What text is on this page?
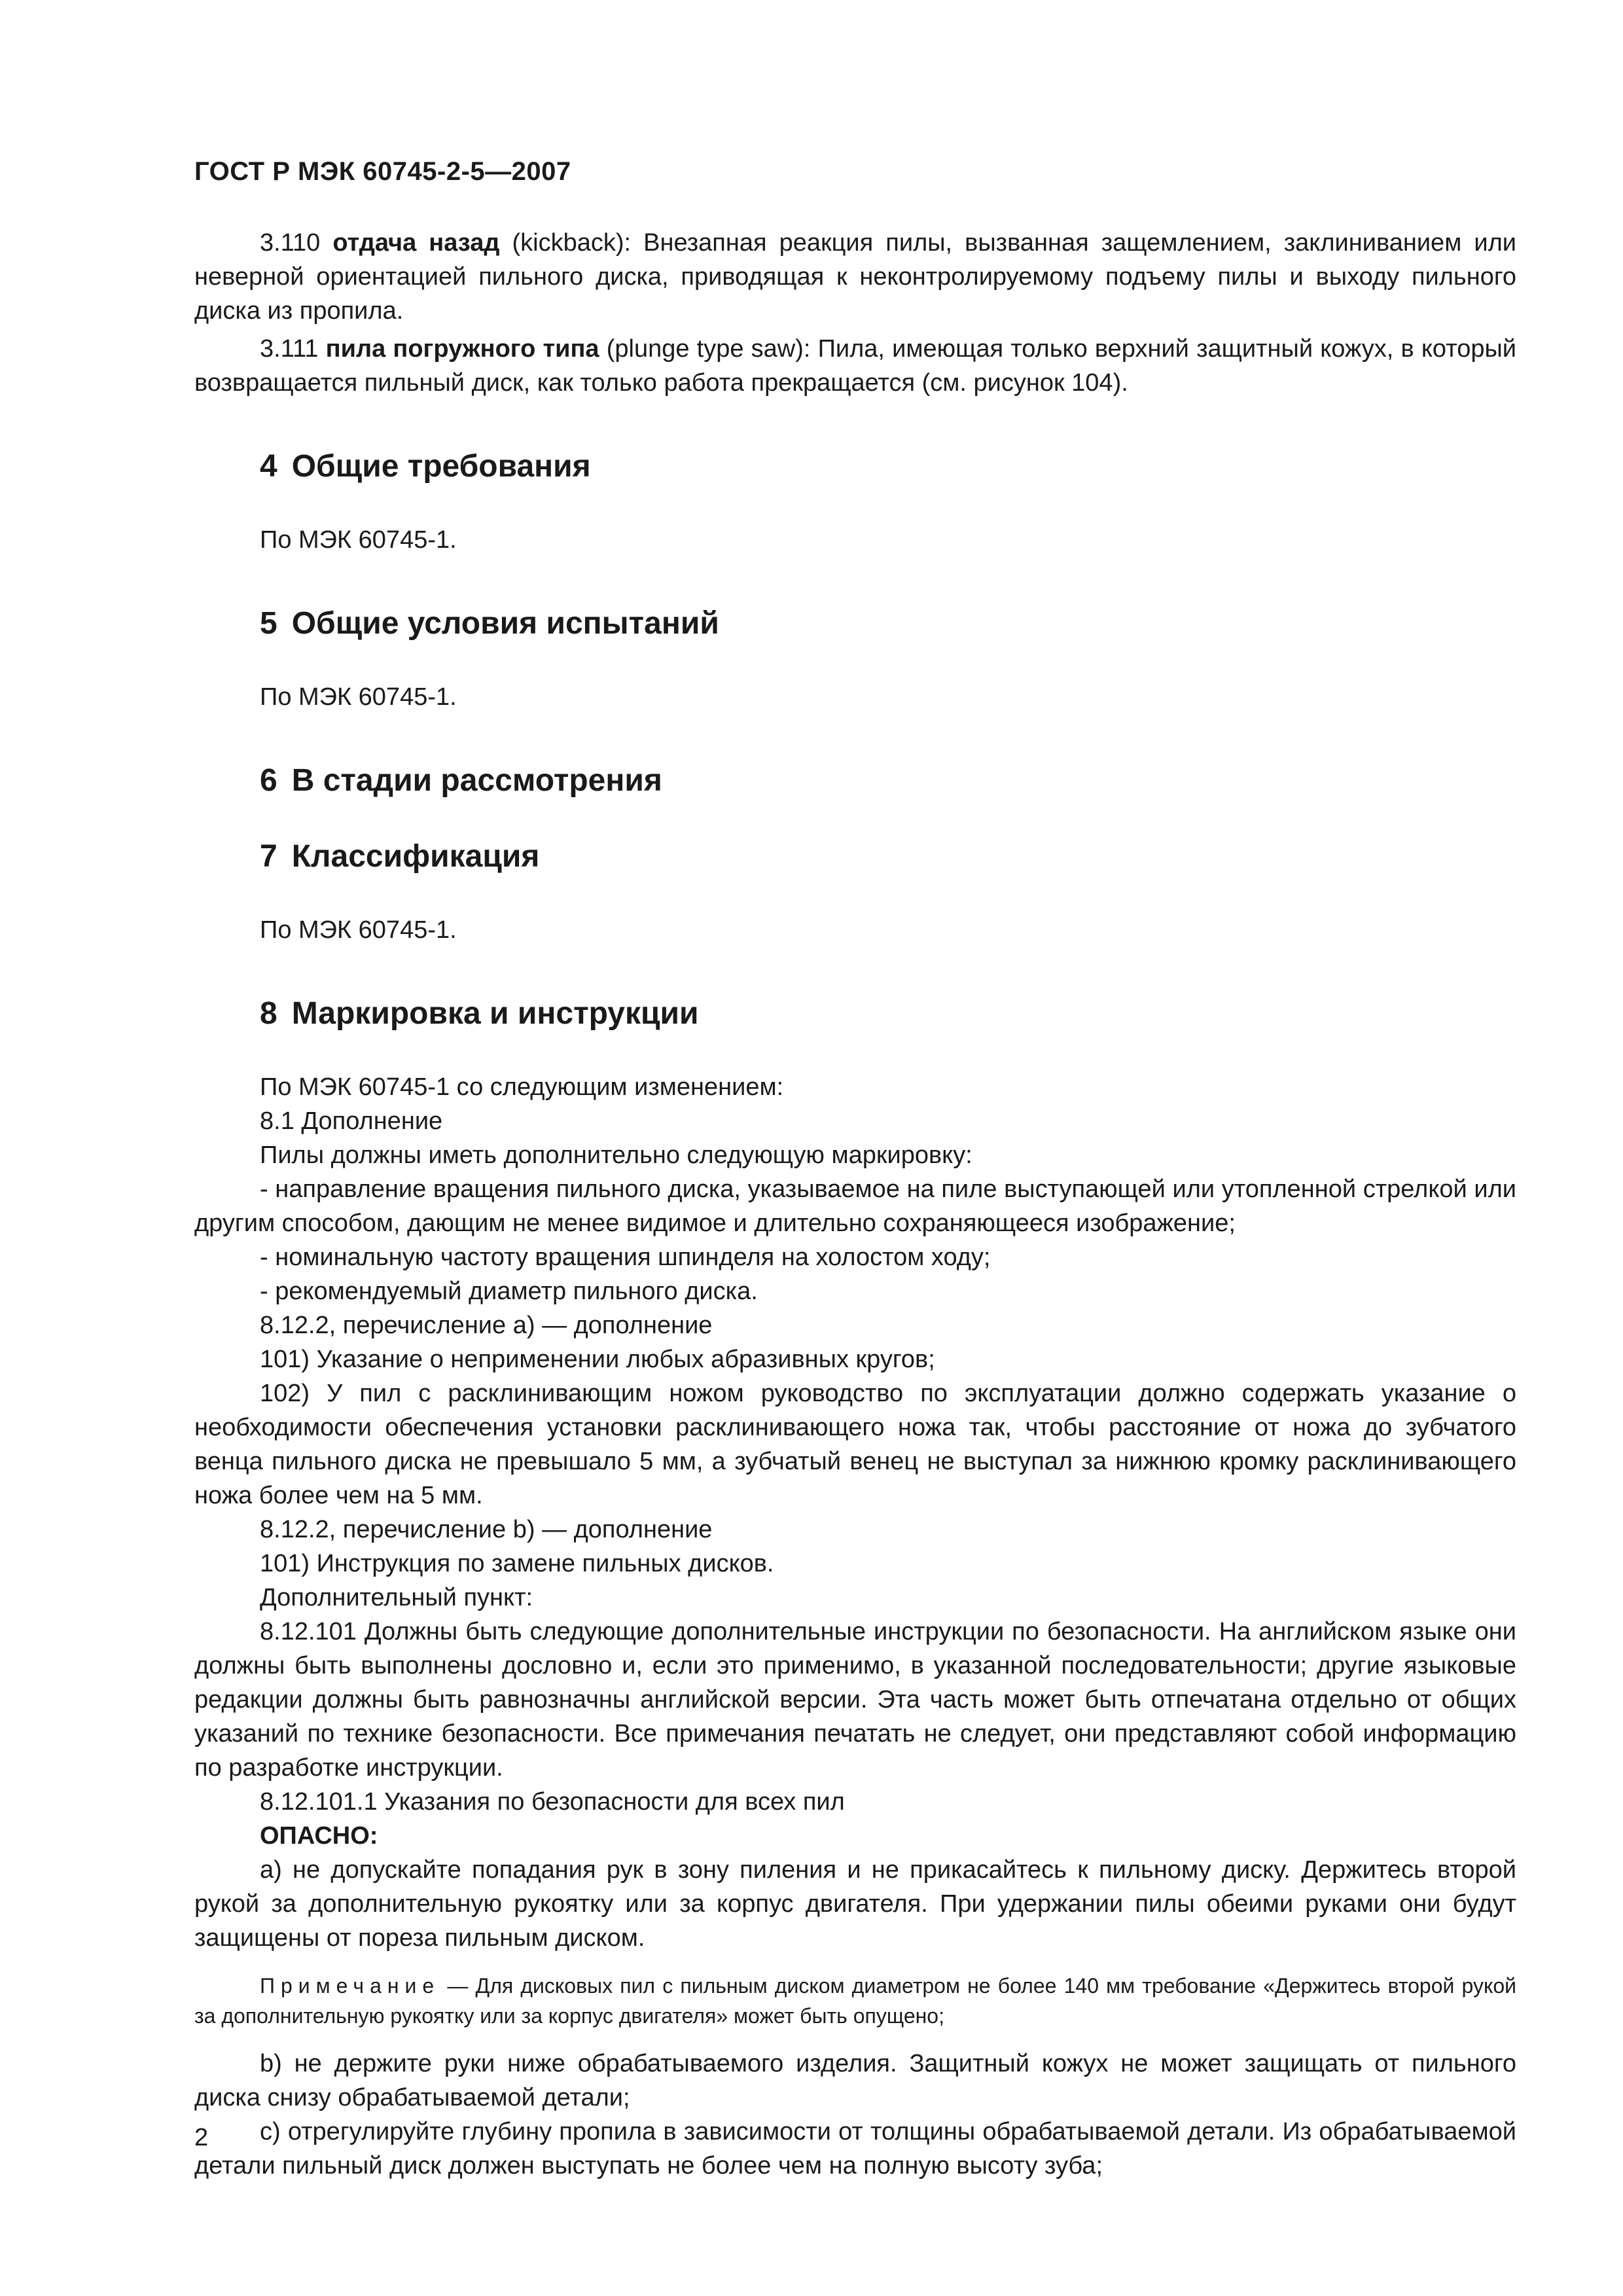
ГОСТ Р МЭК 60745-2-5—2007

3.110 отдача назад (kickback): Внезапная реакция пилы, вызванная защемлением, заклиниванием или неверной ориентацией пильного диска, приводящая к неконтролируемому подъему пилы и выходу пильного диска из пропила.

3.111 пила погружного типа (plunge type saw): Пила, имеющая только верхний защитный кожух, в который возвращается пильный диск, как только работа прекращается (см. рисунок 104).

4 Общие требования

По МЭК 60745-1.

5 Общие условия испытаний

По МЭК 60745-1.

6 В стадии рассмотрения
7 Классификация

По МЭК 60745-1.

8 Маркировка и инструкции

По МЭК 60745-1 со следующим изменением:

8.1 Дополнение

Пилы должны иметь дополнительно следующую маркировку:

- направление вращения пильного диска, указываемое на пиле выступающей или утопленной стрелкой или другим способом, дающим не менее видимое и длительно сохраняющееся изображение;

- номинальную частоту вращения шпинделя на холостом ходу;

- рекомендуемый диаметр пильного диска.

8.12.2, перечисление а) — дополнение

101) Указание о неприменении любых абразивных кругов;

102) У пил с расклинивающим ножом руководство по эксплуатации должно содержать указание о необходимости обеспечения установки расклинивающего ножа так, чтобы расстояние от ножа до зубчатого венца пильного диска не превышало 5 мм, а зубчатый венец не выступал за нижнюю кромку расклинивающего ножа более чем на 5 мм.

8.12.2, перечисление b) — дополнение

101) Инструкция по замене пильных дисков.

Дополнительный пункт:

8.12.101 Должны быть следующие дополнительные инструкции по безопасности. На английском языке они должны быть выполнены дословно и, если это применимо, в указанной последовательности; другие языковые редакции должны быть равнозначны английской версии. Эта часть может быть отпечатана отдельно от общих указаний по технике безопасности. Все примечания печатать не следует, они представляют собой информацию по разработке инструкции.

8.12.101.1 Указания по безопасности для всех пил

ОПАСНО:

а) не допускайте попадания рук в зону пиления и не прикасайтесь к пильному диску. Держитесь второй рукой за дополнительную рукоятку или за корпус двигателя. При удержании пилы обеими руками они будут защищены от пореза пильным диском.

Примечание — Для дисковых пил с пильным диском диаметром не более 140 мм требование «Держитесь второй рукой за дополнительную рукоятку или за корпус двигателя» может быть опущено;

b) не держите руки ниже обрабатываемого изделия. Защитный кожух не может защищать от пильного диска снизу обрабатываемой детали;

с) отрегулируйте глубину пропила в зависимости от толщины обрабатываемой детали. Из обрабатываемой детали пильный диск должен выступать не более чем на полную высоту зуба;

2
